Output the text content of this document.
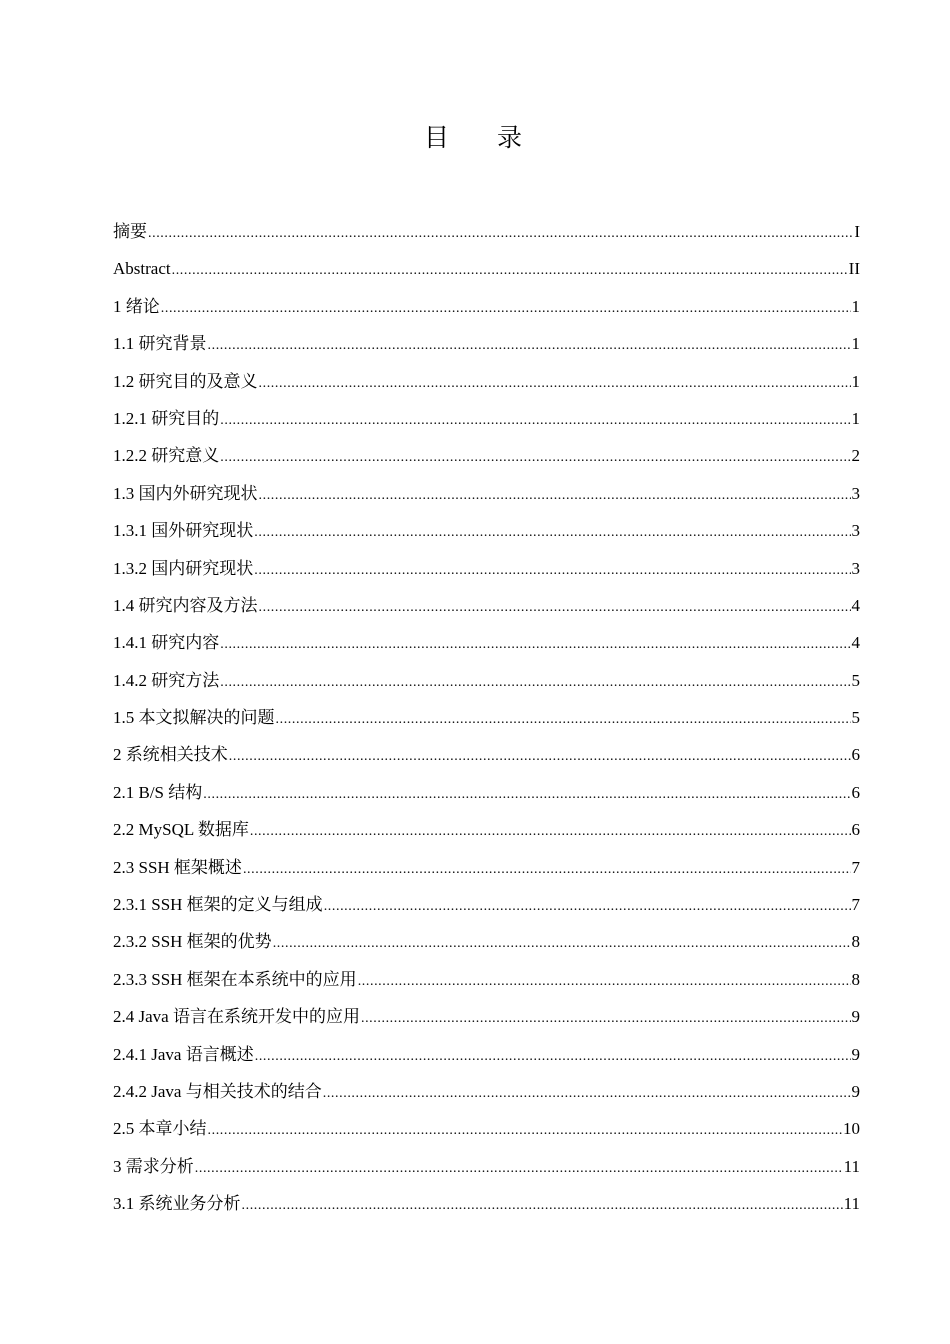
目 录
摘要 .....	I
Abstract .....	II
1 绪论 .....	1
1.1 研究背景 .....	1
1.2 研究目的及意义 .....	1
1.2.1 研究目的 .....	1
1.2.2 研究意义 .....	2
1.3 国内外研究现状 .....	3
1.3.1 国外研究现状 .....	3
1.3.2 国内研究现状 .....	3
1.4 研究内容及方法 .....	4
1.4.1 研究内容 .....	4
1.4.2 研究方法 .....	5
1.5 本文拟解决的问题 .....	5
2 系统相关技术 .....	6
2.1 B/S 结构 .....	6
2.2 MySQL 数据库 .....	6
2.3 SSH 框架概述 .....	7
2.3.1 SSH 框架的定义与组成 .....	7
2.3.2 SSH 框架的优势 .....	8
2.3.3 SSH 框架在本系统中的应用 .....	8
2.4 Java 语言在系统开发中的应用 .....	9
2.4.1 Java 语言概述 .....	9
2.4.2 Java 与相关技术的结合 .....	9
2.5 本章小结 .....	10
3 需求分析 .....	11
3.1 系统业务分析 .....	11
